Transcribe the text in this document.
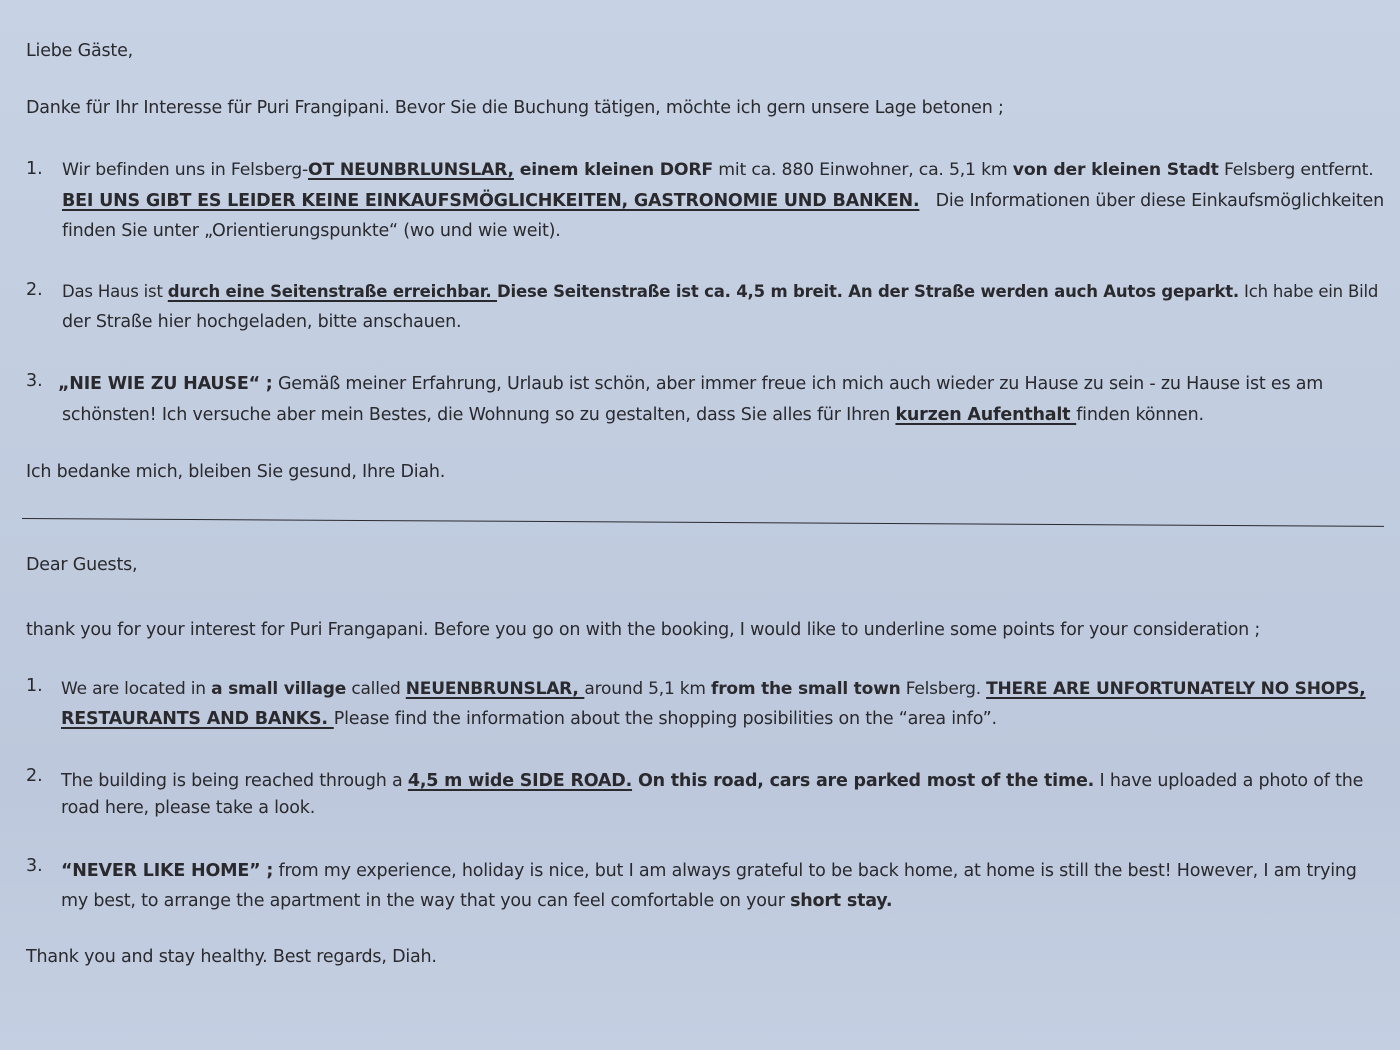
Liebe Gäste,
Danke für Ihr Interesse für Puri Frangipani. Bevor Sie die Buchung tätigen, möchte ich gern unsere Lage betonen ;
1. Wir befinden uns in Felsberg-OT NEUNBRLUNSLAR, einem kleinen DORF mit ca. 880 Einwohner, ca. 5,1 km von der kleinen Stadt Felsberg entfernt.
BEI UNS GIBT ES LEIDER KEINE EINKAUFSMÖGLICHKEITEN, GASTRONOMIE UND BANKEN. Die Informationen über diese Einkaufsmöglichkeiten
finden Sie unter „Orientierungspunkte“ (wo und wie weit).
2. Das Haus ist durch eine Seitenstraße erreichbar. Diese Seitenstraße ist ca. 4,5 m breit. An der Straße werden auch Autos geparkt. Ich habe ein Bild
der Straße hier hochgeladen, bitte anschauen.
3. „NIE WIE ZU HAUSE“ ; Gemäß meiner Erfahrung, Urlaub ist schön, aber immer freue ich mich auch wieder zu Hause zu sein - zu Hause ist es am
schönsten! Ich versuche aber mein Bestes, die Wohnung so zu gestalten, dass Sie alles für Ihren kurzen Aufenthalt finden können.
Ich bedanke mich, bleiben Sie gesund, Ihre Diah.
Dear Guests,
thank you for your interest for Puri Frangapani. Before you go on with the booking, I would like to underline some points for your consideration ;
1. We are located in a small village called NEUENBRUNSLAR, around 5,1 km from the small town Felsberg. THERE ARE UNFORTUNATELY NO SHOPS,
RESTAURANTS AND BANKS. Please find the information about the shopping posibilities on the “area info”.
2. The building is being reached through a 4,5 m wide SIDE ROAD. On this road, cars are parked most of the time. I have uploaded a photo of the
road here, please take a look.
3. “NEVER LIKE HOME” ; from my experience, holiday is nice, but I am always grateful to be back home, at home is still the best! However, I am trying
my best, to arrange the apartment in the way that you can feel comfortable on your short stay.
Thank you and stay healthy. Best regards, Diah.
